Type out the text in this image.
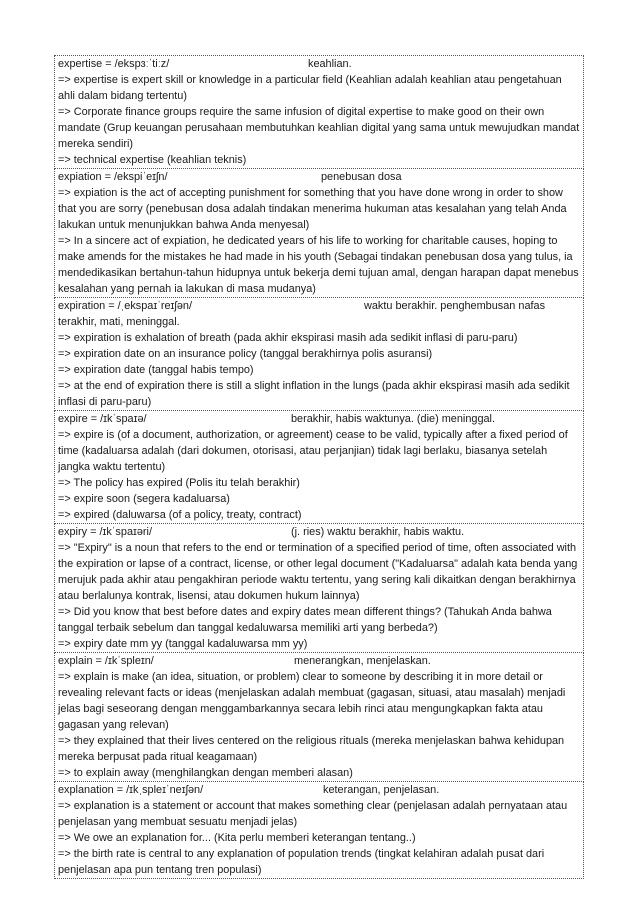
expertise = /ekspɜːˈtiːz/	keahlian.

=> expertise is expert skill or knowledge in a particular field (Keahlian adalah keahlian atau pengetahuan ahli dalam bidang tertentu)

=> Corporate finance groups require the same infusion of digital expertise to make good on their own mandate (Grup keuangan perusahaan membutuhkan keahlian digital yang sama untuk mewujudkan mandat mereka sendiri)

=> technical expertise (keahlian teknis)

expiation = /ekspiˈeɪʃn/	penebusan dosa

=> expiation is the act of accepting punishment for something that you have done wrong in order to show that you are sorry (penebusan dosa adalah tindakan menerima hukuman atas kesalahan yang telah Anda lakukan untuk menunjukkan bahwa Anda menyesal)

=> In a sincere act of expiation, he dedicated years of his life to working for charitable causes, hoping to make amends for the mistakes he had made in his youth (Sebagai tindakan penebusan dosa yang tulus, ia mendedikasikan bertahun-tahun hidupnya untuk bekerja demi tujuan amal, dengan harapan dapat menebus kesalahan yang pernah ia lakukan di masa mudanya)

expiration = /ˌekspaɪˈreɪʃən/	waktu berakhir. penghembusan nafas terakhir, mati, meninggal.

=> expiration is exhalation of breath (pada akhir ekspirasi masih ada sedikit inflasi di paru-paru)

=> expiration date on an insurance policy (tanggal berakhirnya polis asuransi)

=> expiration date (tanggal habis tempo)

=> at the end of expiration there is still a slight inflation in the lungs (pada akhir ekspirasi masih ada sedikit inflasi di paru-paru)

expire = /ɪkˈspaɪə/	berakhir, habis waktunya. (die) meninggal.

=> expire is (of a document, authorization, or agreement) cease to be valid, typically after a fixed period of time (kadaluarsa adalah (dari dokumen, otorisasi, atau perjanjian) tidak lagi berlaku, biasanya setelah jangka waktu tertentu)

=> The policy has expired (Polis itu telah berakhir)

=> expire soon (segera kadaluarsa)

=> expired (daluwarsa (of a policy, treaty, contract)

expiry = /ɪkˈspaɪəri/	(j. ries) waktu berakhir, habis waktu.

=> "Expiry" is a noun that refers to the end or termination of a specified period of time, often associated with the expiration or lapse of a contract, license, or other legal document ("Kadaluarsa" adalah kata benda yang merujuk pada akhir atau pengakhiran periode waktu tertentu, yang sering kali dikaitkan dengan berakhirnya atau berlalunya kontrak, lisensi, atau dokumen hukum lainnya)

=> Did you know that best before dates and expiry dates mean different things? (Tahukah Anda bahwa tanggal terbaik sebelum dan tanggal kedaluwarsa memiliki arti yang berbeda?)

=> expiry date mm yy (tanggal kadaluwarsa mm yy)

explain = /ɪkˈspleɪn/	menerangkan, menjelaskan.

=> explain is make (an idea, situation, or problem) clear to someone by describing it in more detail or revealing relevant facts or ideas (menjelaskan adalah membuat (gagasan, situasi, atau masalah) menjadi jelas bagi seseorang dengan menggambarkannya secara lebih rinci atau mengungkapkan fakta atau gagasan yang relevan)

=> they explained that their lives centered on the religious rituals (mereka menjelaskan bahwa kehidupan mereka berpusat pada ritual keagamaan)

=> to explain away (menghilangkan dengan memberi alasan)

explanation = /ɪkˌspleɪˈneɪʃən/	keterangan, penjelasan.

=> explanation is a statement or account that makes something clear (penjelasan adalah pernyataan atau penjelasan yang membuat sesuatu menjadi jelas)

=> We owe an explanation for... (Kita perlu memberi keterangan tentang..)

=> the birth rate is central to any explanation of population trends (tingkat kelahiran adalah pusat dari penjelasan apa pun tentang tren populasi)
